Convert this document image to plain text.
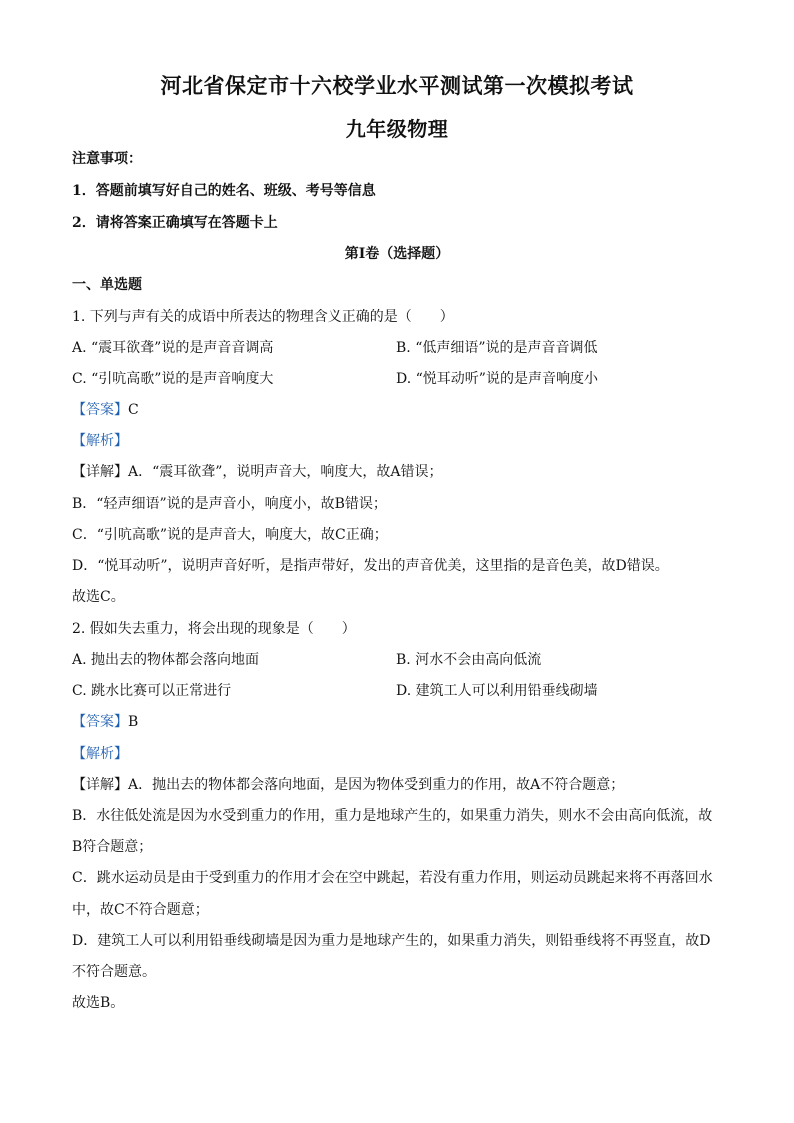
河北省保定市十六校学业水平测试第一次模拟考试
九年级物理
注意事项：
1．答题前填写好自己的姓名、班级、考号等信息
2．请将答案正确填写在答题卡上
第I卷（选择题）
一、单选题
1. 下列与声有关的成语中所表达的物理含义正确的是（　　）
A. “震耳欲聋”说的是声音音调高	B. “低声细语”说的是声音音调低
C. “引吭高歌”说的是声音响度大	D. “悦耳动听”说的是声音响度小
【答案】C
【解析】
【详解】A．“震耳欲聋”，说明声音大，响度大，故A错误；
B．“轻声细语”说的是声音小，响度小，故B错误；
C．“引吭高歌”说的是声音大，响度大，故C正确；
D．“悦耳动听”，说明声音好听，是指声带好，发出的声音优美，这里指的是音色美，故D错误。
故选C。
2. 假如失去重力，将会出现的现象是（　　）
A. 抛出去的物体都会落向地面	B. 河水不会由高向低流
C. 跳水比赛可以正常进行	D. 建筑工人可以利用铅垂线砌墙
【答案】B
【解析】
【详解】A．抛出去的物体都会落向地面，是因为物体受到重力的作用，故A不符合题意；
B．水往低处流是因为水受到重力的作用，重力是地球产生的，如果重力消失，则水不会由高向低流，故
B符合题意；
C．跳水运动员是由于受到重力的作用才会在空中跳起，若没有重力作用，则运动员跳起来将不再落回水
中，故C不符合题意；
D．建筑工人可以利用铅垂线砌墙是因为重力是地球产生的，如果重力消失，则铅垂线将不再竖直，故D
不符合题意。
故选B。
